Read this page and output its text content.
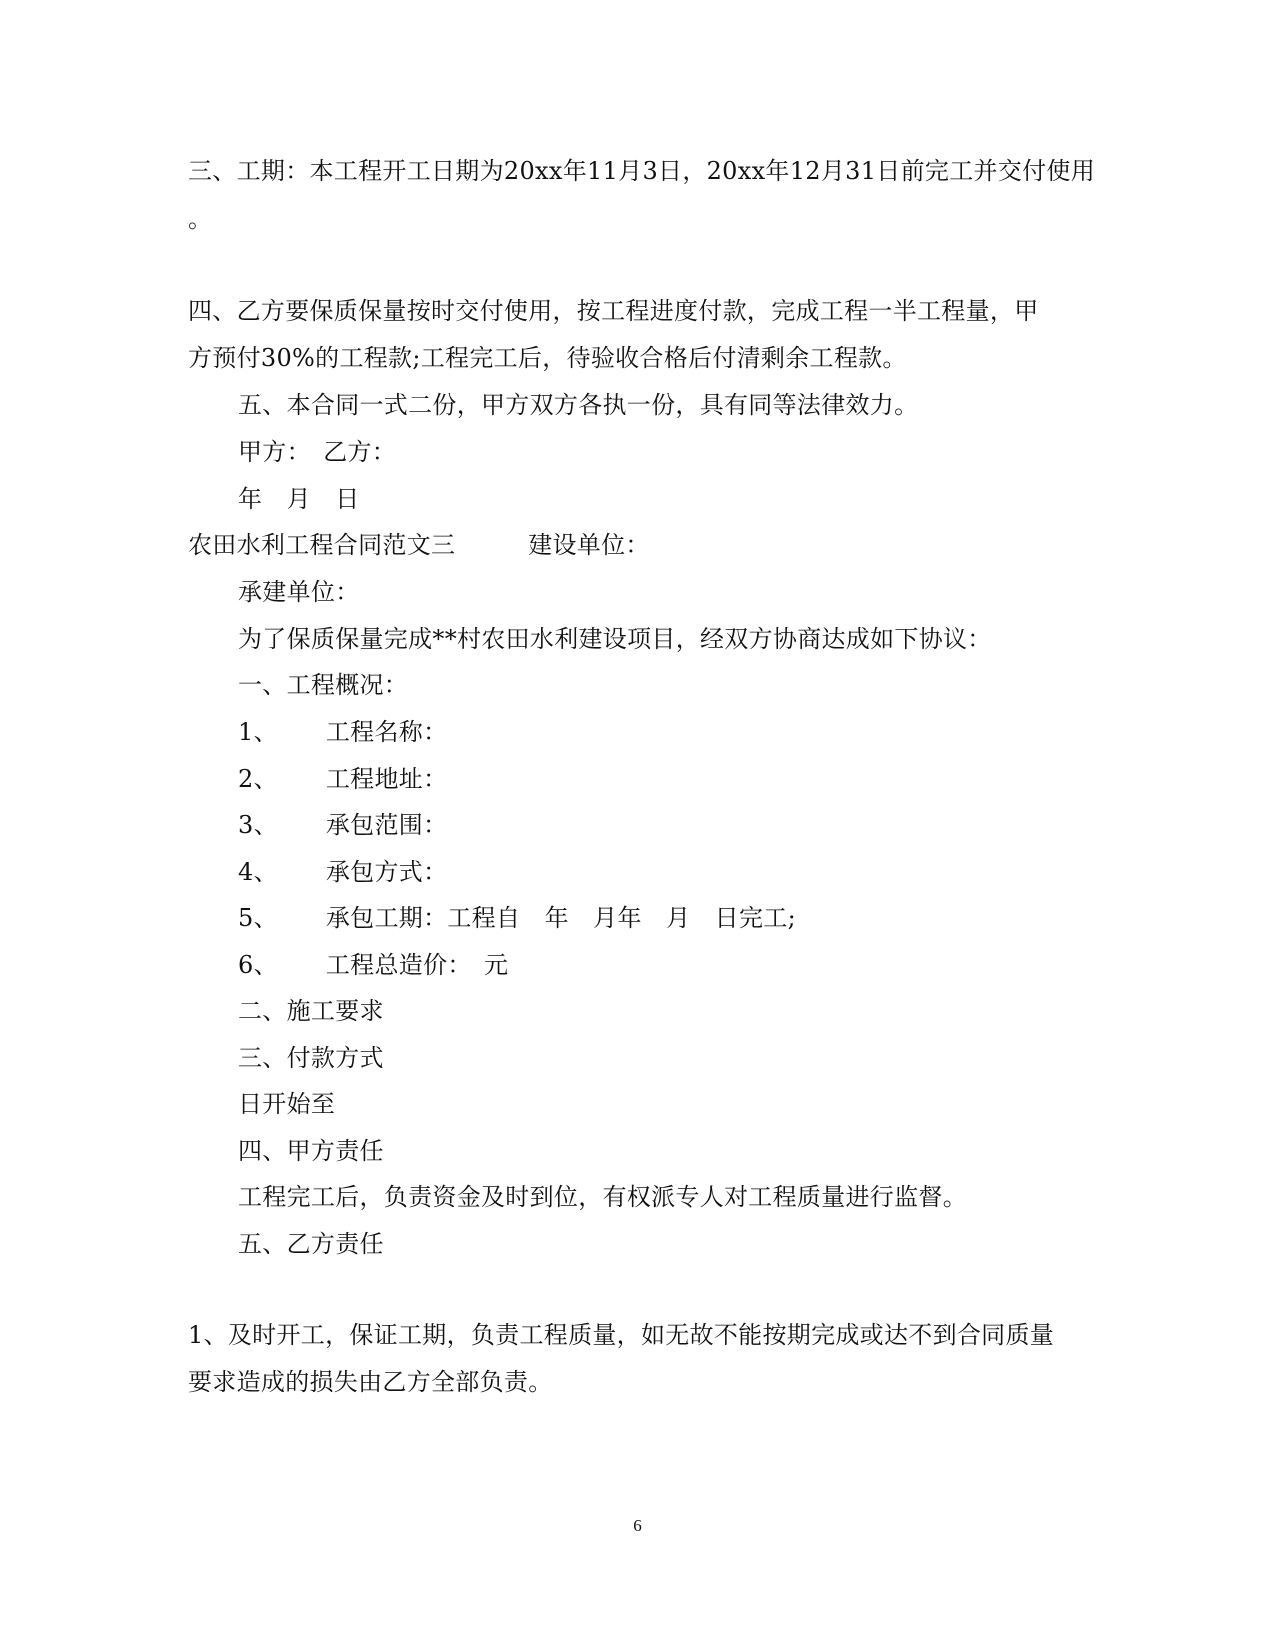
三、工期：本工程开工日期为20xx年11月3日，20xx年12月31日前完工并交付使用
。
四、乙方要保质保量按时交付使用，按工程进度付款，完成工程一半工程量，甲
方预付30%的工程款;工程完工后，待验收合格后付清剩余工程款。
五、本合同一式二份，甲方双方各执一份，具有同等法律效力。
甲方：　乙方：
年　月　日
农田水利工程合同范文三　　　建设单位：
承建单位：
为了保质保量完成**村农田水利建设项目，经双方协商达成如下协议：
一、工程概况：
1、 工程名称：
2、 工程地址：
3、 承包范围：
4、 承包方式：
5、 承包工期：工程自　年　月年　月　日完工;
6、 工程总造价：　元
二、施工要求
三、付款方式
日开始至
四、甲方责任
工程完工后，负责资金及时到位，有权派专人对工程质量进行监督。
五、乙方责任
1、及时开工，保证工期，负责工程质量，如无故不能按期完成或达不到合同质量
要求造成的损失由乙方全部负责。
6
